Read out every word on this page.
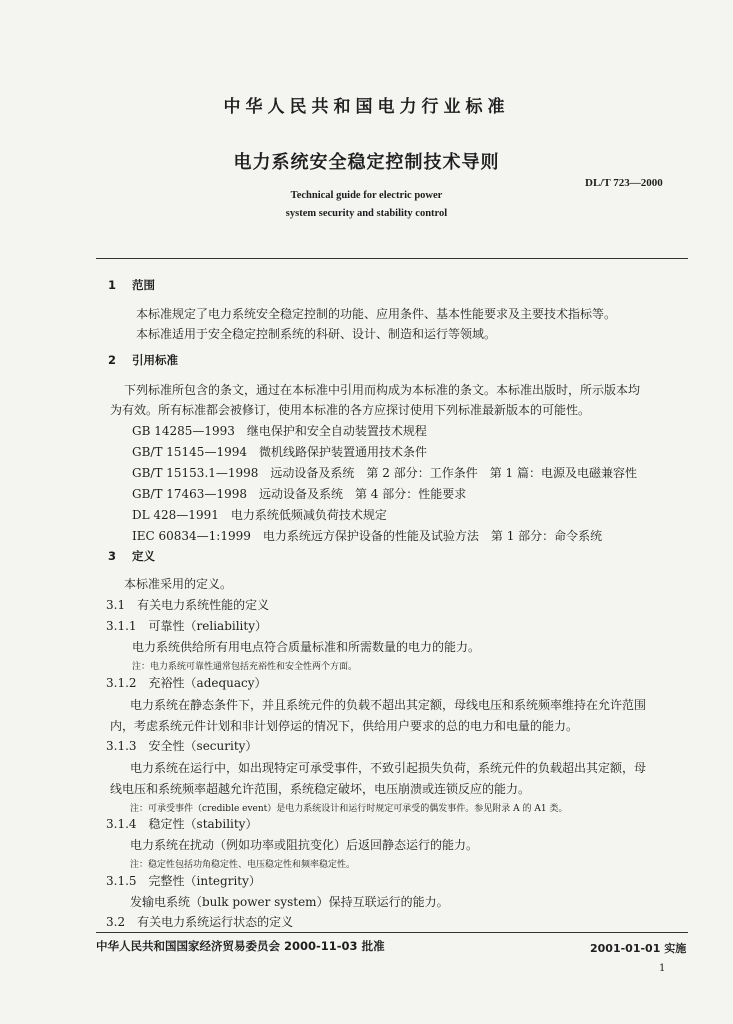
中华人民共和国电力行业标准
电力系统安全稳定控制技术导则
DL/T 723—2000
Technical guide for electric power
system security and stability control
1 范围
本标准规定了电力系统安全稳定控制的功能、应用条件、基本性能要求及主要技术指标等。
本标准适用于安全稳定控制系统的科研、设计、制造和运行等领域。
2 引用标准
下列标准所包含的条文，通过在本标准中引用而构成为本标准的条文。本标准出版时，所示版本均
为有效。所有标准都会被修订，使用本标准的各方应探讨使用下列标准最新版本的可能性。
GB 14285—1993　继电保护和安全自动装置技术规程
GB/T 15145—1994　微机线路保护装置通用技术条件
GB/T 15153.1—1998　远动设备及系统　第 2 部分：工作条件　第 1 篇：电源及电磁兼容性
GB/T 17463—1998　远动设备及系统　第 4 部分：性能要求
DL 428—1991　电力系统低频减负荷技术规定
IEC 60834—1:1999　电力系统远方保护设备的性能及试验方法　第 1 部分：命令系统
3 定义
本标准采用的定义。
3.1　有关电力系统性能的定义
3.1.1　可靠性（reliability）
电力系统供给所有用电点符合质量标准和所需数量的电力的能力。
注：电力系统可靠性通常包括充裕性和安全性两个方面。
3.1.2　充裕性（adequacy）
电力系统在静态条件下，并且系统元件的负载不超出其定额，母线电压和系统频率维持在允许范围
内，考虑系统元件计划和非计划停运的情况下，供给用户要求的总的电力和电量的能力。
3.1.3　安全性（security）
电力系统在运行中，如出现特定可承受事件，不致引起损失负荷，系统元件的负载超出其定额，母
线电压和系统频率超越允许范围，系统稳定破坏，电压崩溃或连锁反应的能力。
注：可承受事件（credible event）是电力系统设计和运行时规定可承受的偶发事件。参见附录 A 的 A1 类。
3.1.4　稳定性（stability）
电力系统在扰动（例如功率或阻抗变化）后返回静态运行的能力。
注：稳定性包括功角稳定性、电压稳定性和频率稳定性。
3.1.5　完整性（integrity）
发输电系统（bulk power system）保持互联运行的能力。
3.2　有关电力系统运行状态的定义
中华人民共和国国家经济贸易委员会 2000-11-03 批准	2001-01-01 实施
1
